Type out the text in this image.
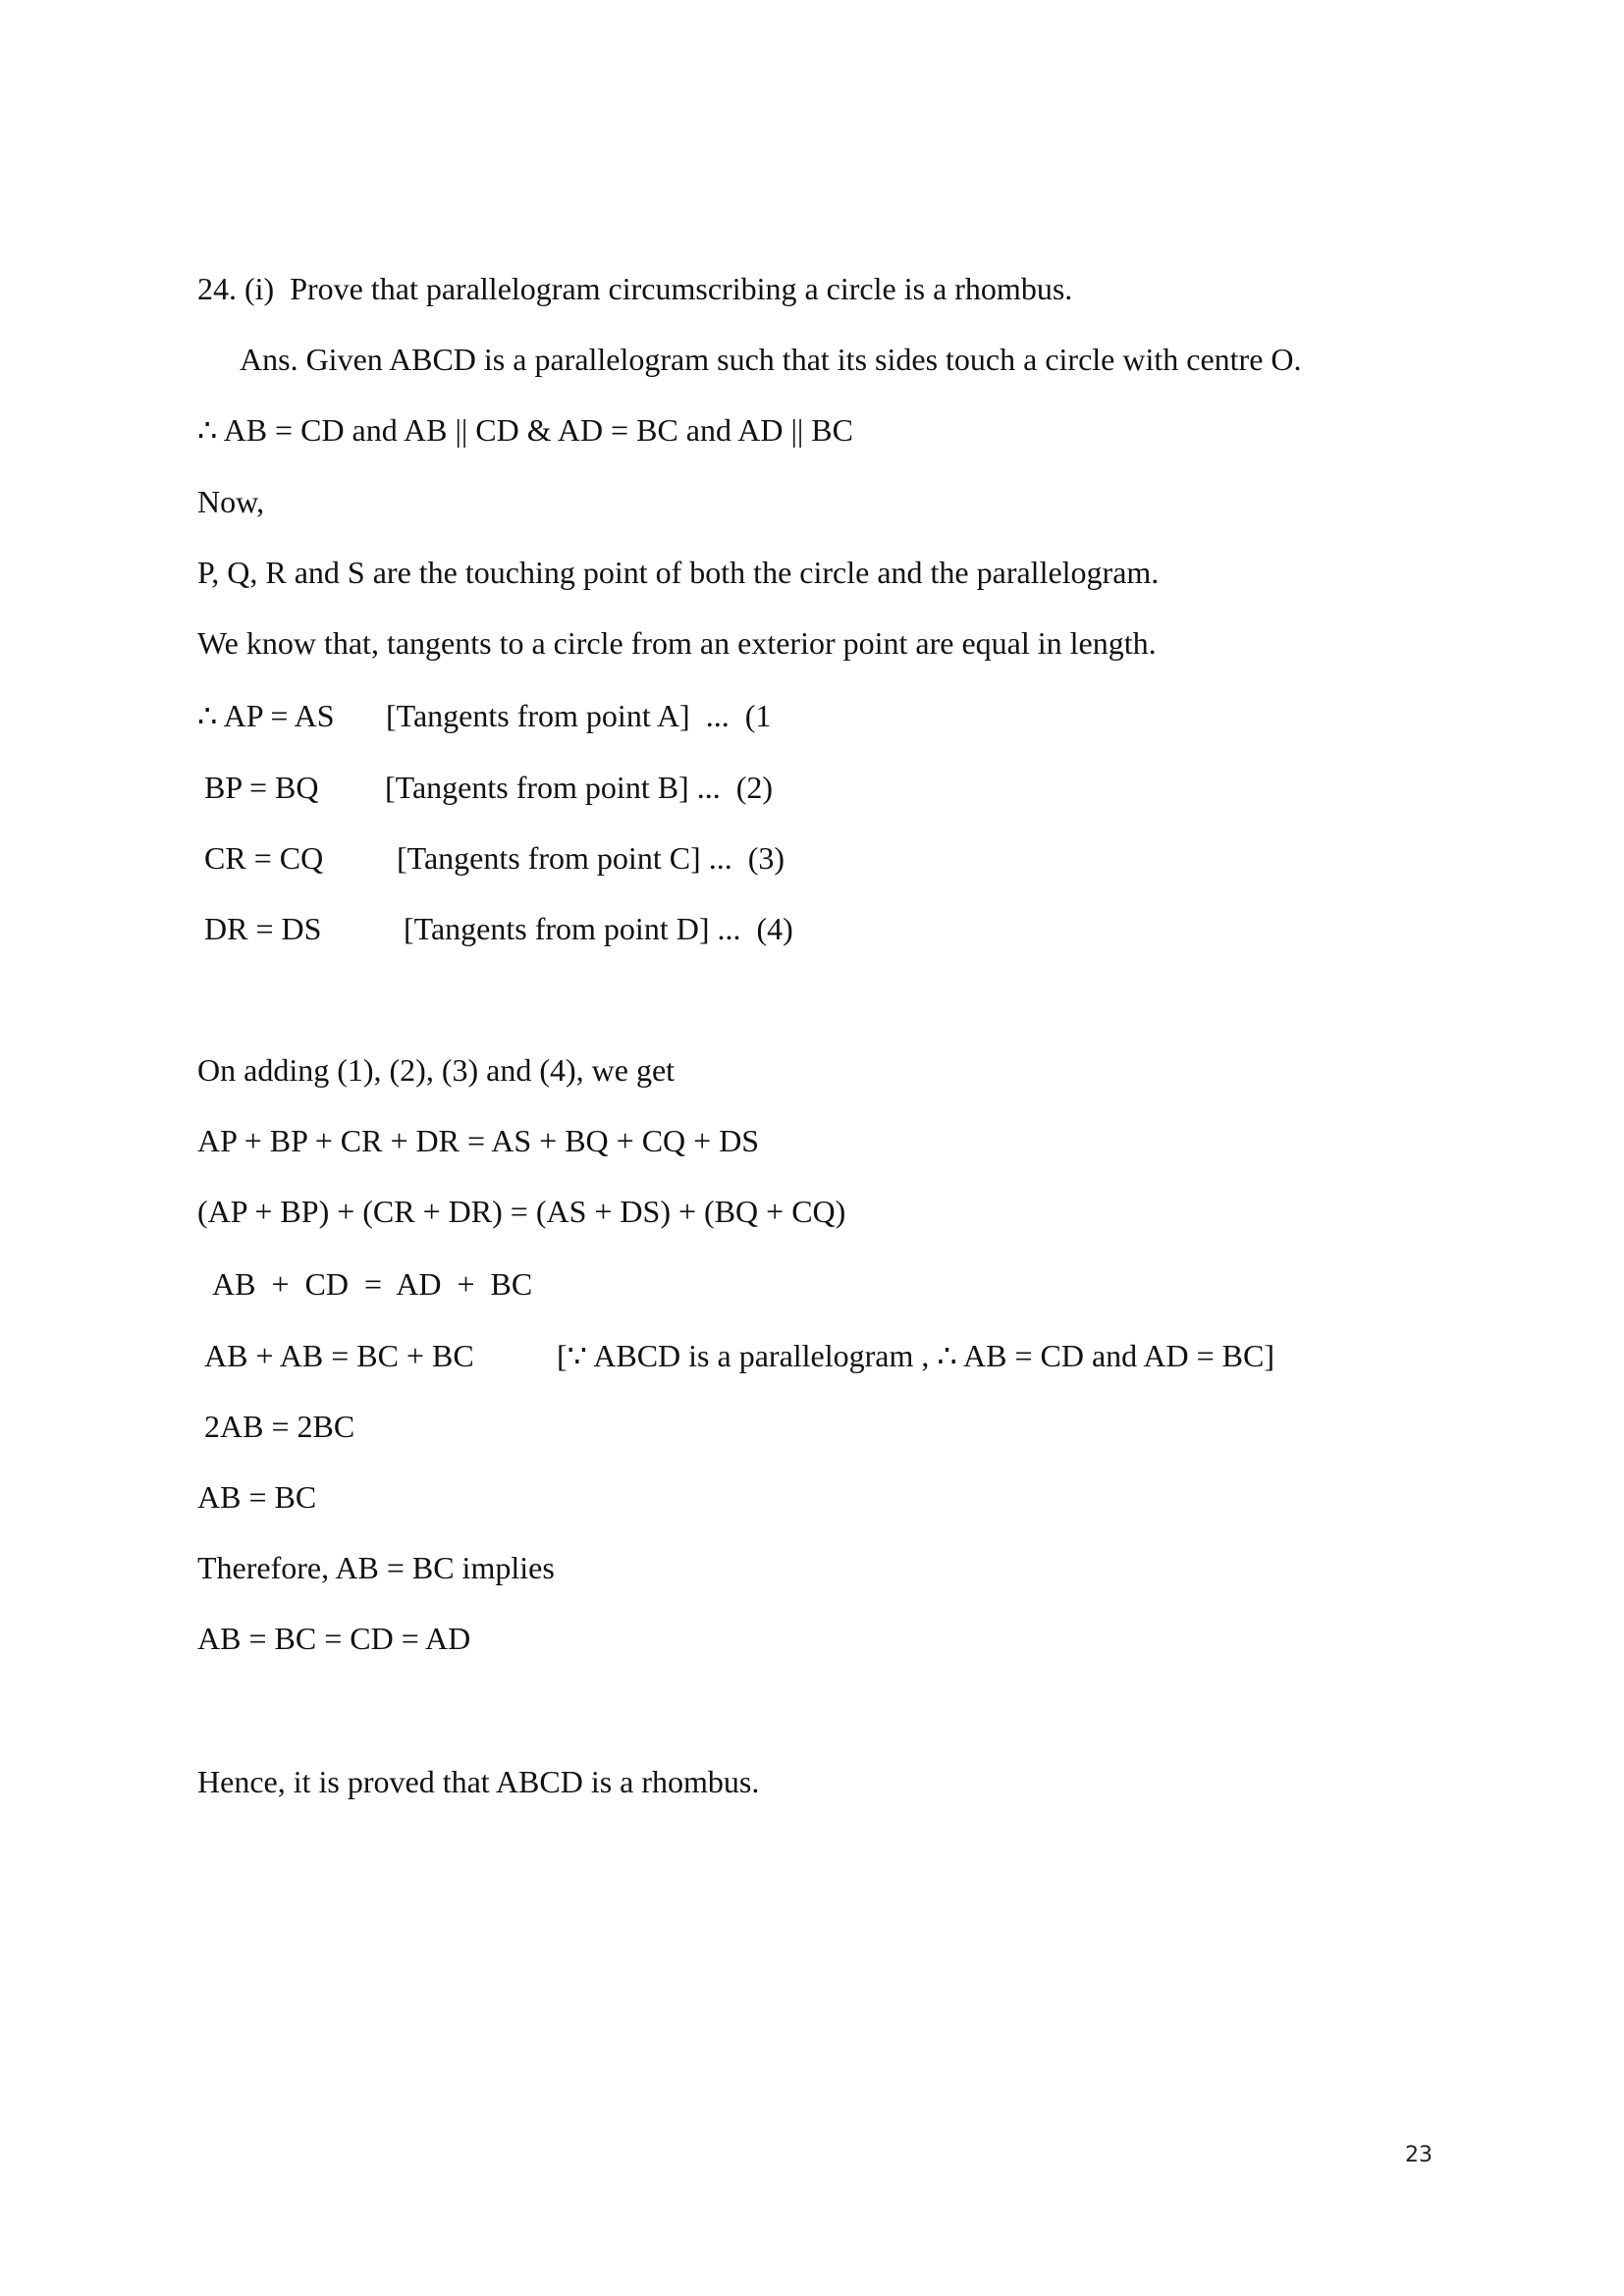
24. (i)  Prove that parallelogram circumscribing a circle is a rhombus.
Ans. Given ABCD is a parallelogram such that its sides touch a circle with centre O.
∴ AB = CD and AB || CD & AD = BC and AD || BC
Now,
P, Q, R and S are the touching point of both the circle and the parallelogram.
We know that, tangents to a circle from an exterior point are equal in length.
∴ AP = AS [Tangents from point A]  ...  (1
BP = BQ [Tangents from point B] ...  (2)
CR = CQ [Tangents from point C] ...  (3)
DR = DS	[Tangents from point D] ...  (4)
On adding (1), (2), (3) and (4), we get
AP + BP + CR + DR = AS + BQ + CQ + DS
(AP + BP) + (CR + DR) = (AS + DS) + (BQ + CQ)
AB  +  CD  =  AD  +  BC
AB + AB = BC + BC	[∵ ABCD is a parallelogram , ∴ AB = CD and AD = BC]
2AB = 2BC
AB = BC
Therefore, AB = BC implies
AB = BC = CD = AD
Hence, it is proved that ABCD is a rhombus.
23
